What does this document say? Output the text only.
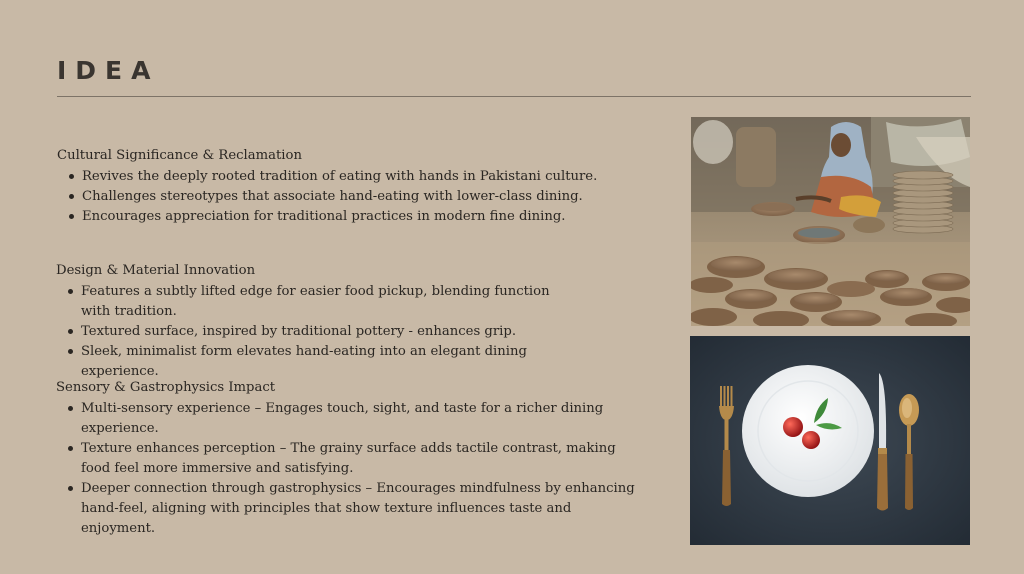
IDEA
Cultural Significance & Reclamation
Revives the deeply rooted tradition of eating with hands in Pakistani culture.
Challenges stereotypes that associate hand-eating with lower-class dining.
Encourages appreciation for traditional practices in modern fine dining.
Design & Material Innovation
Features a subtly lifted edge for easier food pickup, blending function with tradition.
Textured surface, inspired by traditional pottery - enhances grip.
Sleek, minimalist form elevates hand-eating into an elegant dining experience.
Sensory & Gastrophysics Impact
Multi-sensory experience – Engages touch, sight, and taste for a richer dining experience.
Texture enhances perception – The grainy surface adds tactile contrast, making food feel more immersive and satisfying.
Deeper connection through gastrophysics – Encourages mindfulness by enhancing hand-feel, aligning with principles that show texture influences taste and enjoyment.
